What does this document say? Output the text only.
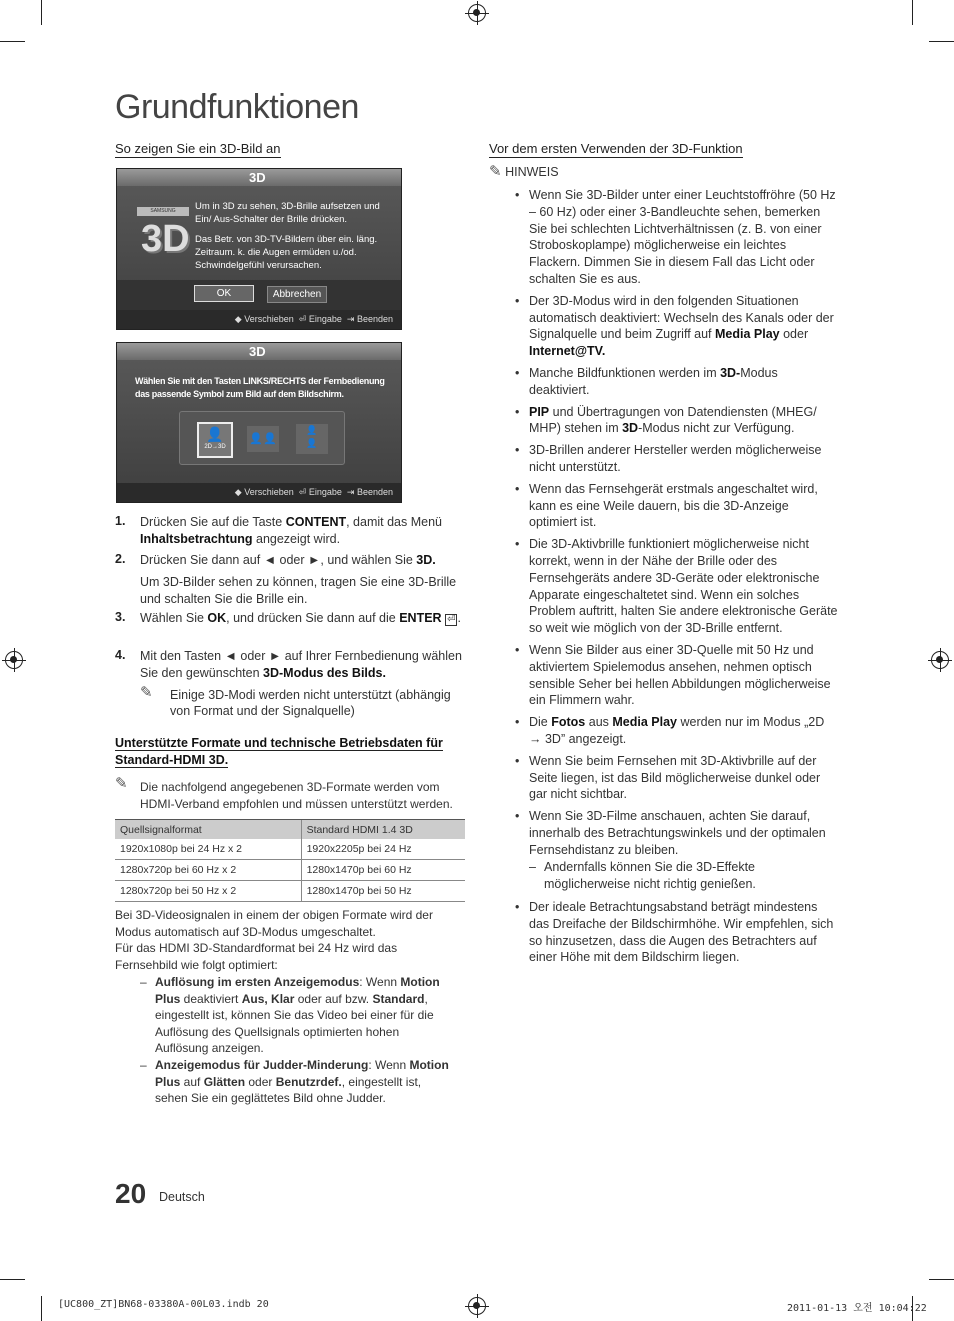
Grundfunktionen
So zeigen Sie ein 3D-Bild an
3D
SAMSUNG
3D
Um in 3D zu sehen, 3D-Brille aufsetzen und Ein/ Aus-Schalter der Brille drücken.
Das Betr. von 3D-TV-Bildern über ein. läng. Zeitraum. k. die Augen ermüden u./od. Schwindelgefühl verursachen.
OK	Abbrechen
◆ Verschieben ⏎ Eingabe ⇥ Beenden
3D
Wählen Sie mit den Tasten LINKS/RECHTS der Fernbedienung das passende Symbol zum Bild auf dem Bildschirm.
👤
2D→3D
👤👤
👤
👤
◆ Verschieben ⏎ Eingabe ⇥ Beenden
1. Drücken Sie auf die Taste CONTENT, damit das Menü Inhaltsbetrachtung angezeigt wird.
2. Drücken Sie dann auf ◄ oder ►, und wählen Sie 3D.
Um 3D-Bilder sehen zu können, tragen Sie eine 3D-Brille und schalten Sie die Brille ein.
3. Wählen Sie OK, und drücken Sie dann auf die ENTER ⏎ .
4. Mit den Tasten ◄ oder ► auf Ihrer Fernbedienung wählen Sie den gewünschten 3D-Modus des Bilds.
✎ Einige 3D-Modi werden nicht unterstützt (abhängig von Format und der Signalquelle)
Unterstützte Formate und technische Betriebsdaten für Standard-HDMI 3D.
✎	Die nachfolgend angegebenen 3D-Formate werden vom HDMI-Verband empfohlen und müssen unterstützt werden.
Quellsignalformat	Standard HDMI 1.4 3D
1920x1080p bei 24 Hz x 2	1920x2205p bei 24 Hz
1280x720p bei 60 Hz x 2	1280x1470p bei 60 Hz
1280x720p bei 50 Hz x 2	1280x1470p bei 50 Hz
Bei 3D-Videosignalen in einem der obigen Formate wird der Modus automatisch auf 3D-Modus umgeschaltet.
Für das HDMI 3D-Standardformat bei 24 Hz wird das Fernsehbild wie folgt optimiert:
– Auflösung im ersten Anzeigemodus: Wenn Motion Plus deaktiviert Aus, Klar oder auf bzw. Standard, eingestellt ist, können Sie das Video bei einer für die Auflösung des Quellsignals optimierten hohen Auflösung anzeigen.
– Anzeigemodus für Judder-Minderung: Wenn Motion Plus auf Glätten oder Benutzrdef., eingestellt ist, sehen Sie ein geglättetes Bild ohne Judder.
Vor dem ersten Verwenden der 3D-Funktion
✎ HINWEIS
• Wenn Sie 3D-Bilder unter einer Leuchtstoffröhre (50 Hz – 60 Hz) oder einer 3-Bandleuchte sehen, bemerken Sie bei schlechten Lichtverhältnissen (z. B. von einer Stroboskoplampe) möglicherweise ein leichtes Flackern. Dimmen Sie in diesem Fall das Licht oder schalten Sie es aus.
• Der 3D-Modus wird in den folgenden Situationen automatisch deaktiviert: Wechseln des Kanals oder der Signalquelle und beim Zugriff auf Media Play oder Internet@TV.
• Manche Bildfunktionen werden im 3D-Modus deaktiviert.
• PIP und Übertragungen von Datendiensten (MHEG/ MHP) stehen im 3D-Modus nicht zur Verfügung.
• 3D-Brillen anderer Hersteller werden möglicherweise nicht unterstützt.
• Wenn das Fernsehgerät erstmals angeschaltet wird, kann es eine Weile dauern, bis die 3D-Anzeige optimiert ist.
• Die 3D-Aktivbrille funktioniert möglicherweise nicht korrekt, wenn in der Nähe der Brille oder des Fernsehgeräts andere 3D-Geräte oder elektronische Apparate eingeschaltetet sind. Wenn ein solches Problem auftritt, halten Sie andere elektronische Geräte so weit wie möglich von der 3D-Brille entfernt.
• Wenn Sie Bilder aus einer 3D-Quelle mit 50 Hz und aktiviertem Spielemodus ansehen, nehmen optisch sensible Seher bei hellen Abbildungen möglicherweise ein Flimmern wahr.
• Die Fotos aus Media Play werden nur im Modus „2D → 3D” angezeigt.
• Wenn Sie beim Fernsehen mit 3D-Aktivbrille auf der Seite liegen, ist das Bild möglicherweise dunkel oder gar nicht sichtbar.
• Wenn Sie 3D-Filme anschauen, achten Sie darauf, innerhalb des Betrachtungswinkels und der optimalen Fernsehdistanz zu bleiben.
– Andernfalls können Sie die 3D-Effekte möglicherweise nicht richtig genießen.
• Der ideale Betrachtungsabstand beträgt mindestens das Dreifache der Bildschirmhöhe. Wir empfehlen, sich so hinzusetzen, dass die Augen des Betrachters auf einer Höhe mit dem Bildschirm liegen.
20 Deutsch
[UC800_ZT]BN68-03380A-00L03.indb 20	2011-01-13 오전 10:04:22
